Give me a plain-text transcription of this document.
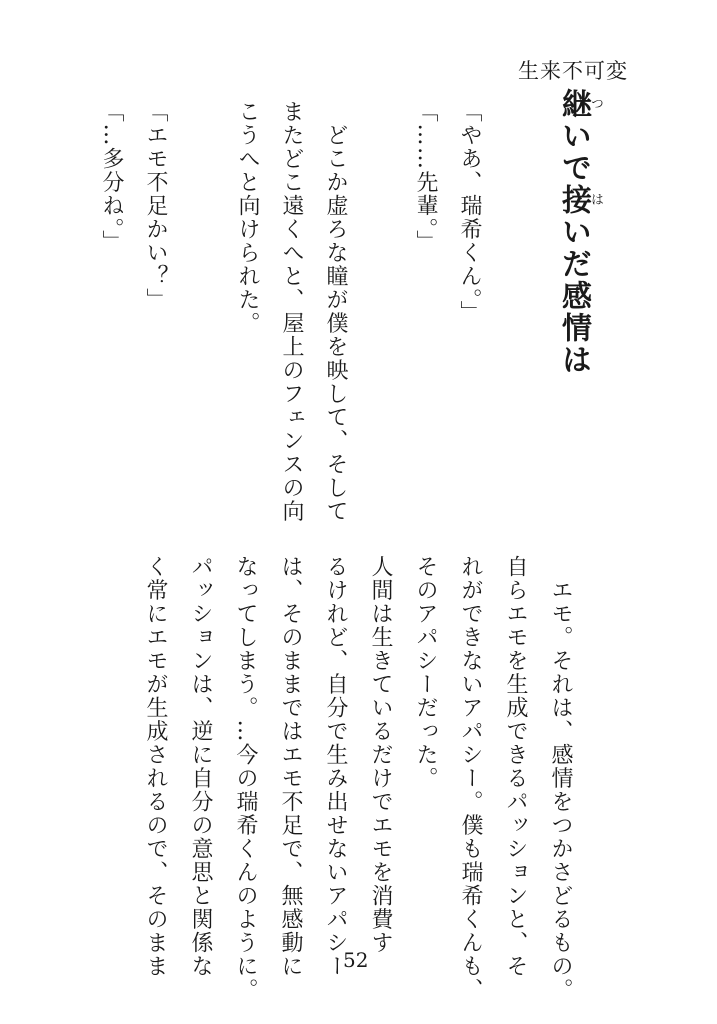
生来不可変
継ついで接はいだ感情は
「やあ、瑞希くん。」
「……先輩。」
　どこか虚ろな瞳が僕を映して、そして
またどこ遠くへと、屋上のフェンスの向
こうへと向けられた。
「エモ不足かい？」
「…多分ね。」
　エモ。それは、感情をつかさどるもの。
自らエモを生成できるパッションと、そ
れができないアパシー。僕も瑞希くんも、
そのアパシーだった。
人間は生きているだけでエモを消費す
るけれど、自分で生み出せないアパシー
は、そのままではエモ不足で、無感動に
なってしまう。…今の瑞希くんのように。
パッションは、逆に自分の意思と関係な
く常にエモが生成されるので、そのまま	52
